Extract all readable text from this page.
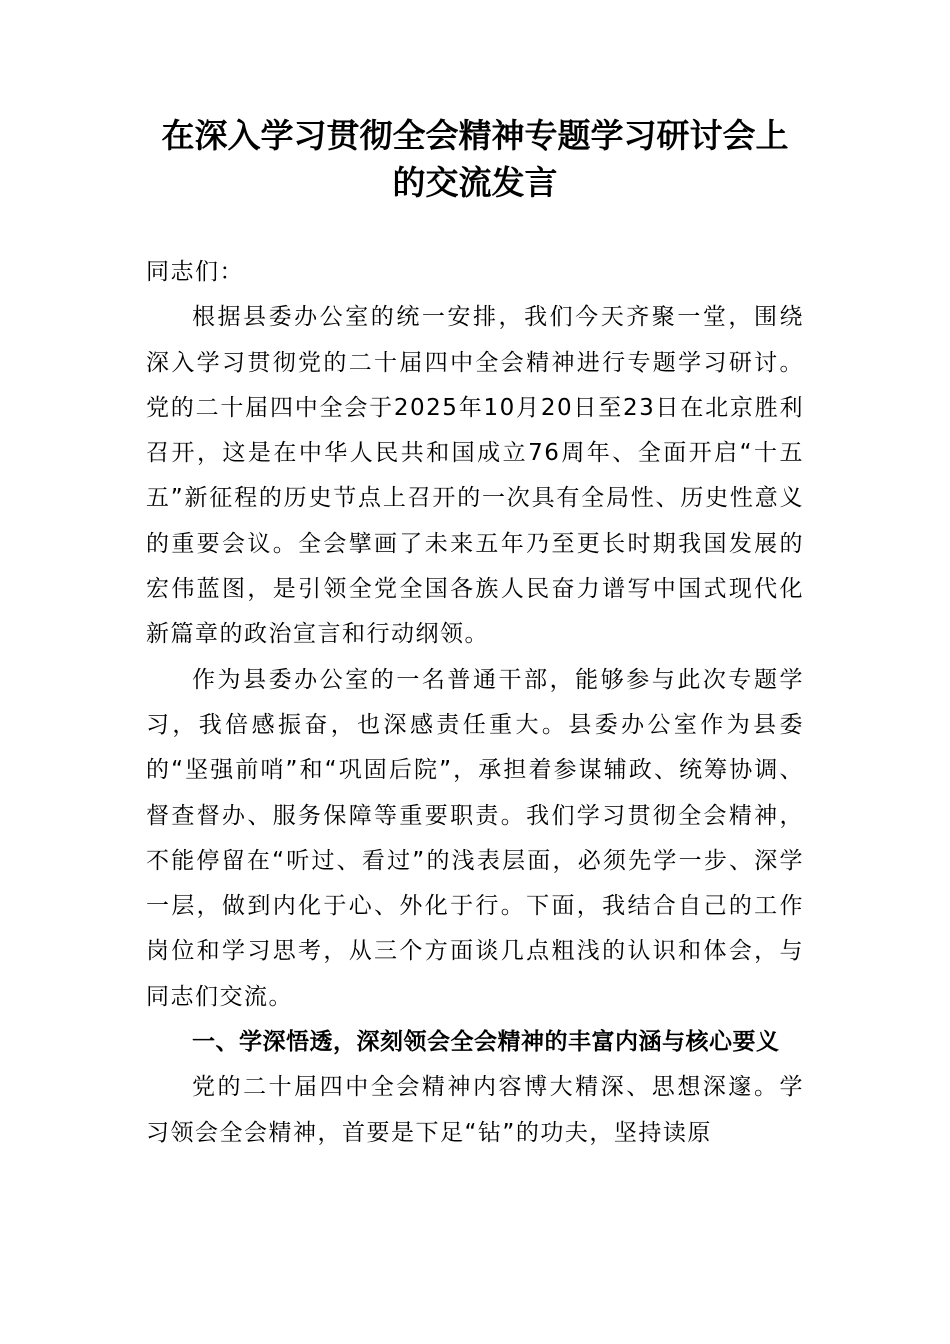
在深入学习贯彻全会精神专题学习研讨会上的交流发言

同志们：

根据县委办公室的统一安排，我们今天齐聚一堂，围绕深入学习贯彻党的二十届四中全会精神进行专题学习研讨。党的二十届四中全会于2025年10月20日至23日在北京胜利召开，这是在中华人民共和国成立76周年、全面开启“十五五”新征程的历史节点上召开的一次具有全局性、历史性意义的重要会议。全会擘画了未来五年乃至更长时期我国发展的宏伟蓝图，是引领全党全国各族人民奋力谱写中国式现代化新篇章的政治宣言和行动纲领。

作为县委办公室的一名普通干部，能够参与此次专题学习，我倍感振奋，也深感责任重大。县委办公室作为县委的“坚强前哨”和“巩固后院”，承担着参谋辅政、统筹协调、督查督办、服务保障等重要职责。我们学习贯彻全会精神，不能停留在“听过、看过”的浅表层面，必须先学一步、深学一层，做到内化于心、外化于行。下面，我结合自己的工作岗位和学习思考，从三个方面谈几点粗浅的认识和体会，与同志们交流。

一、学深悟透，深刻领会全会精神的丰富内涵与核心要义

党的二十届四中全会精神内容博大精深、思想深邃。学习领会全会精神，首要是下足“钻”的功夫，坚持读原
